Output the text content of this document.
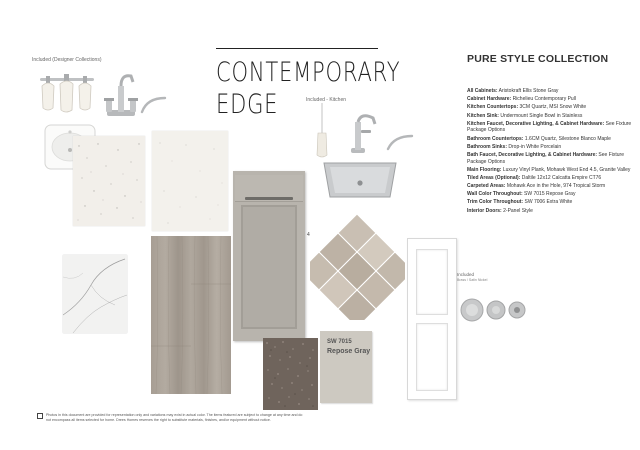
Included (Designer Collections)
Included - Kitchen
CONTEMPORARY
EDGE
SW 7015
Repose Gray
4
Included
Brass / Satin Nickel
PURE STYLE COLLECTION
All Cabinets: Aristokraft Ellis Stone Gray
Cabinet Hardware: Richelieu Contemporary Pull
Kitchen Countertops: 3CM Quartz, MSI Snow White
Kitchen Sink: Undermount Single Bowl in Stainless
Kitchen Faucet, Decorative Lighting, & Cabinet Hardware: See Fixture Package Options
Bathroom Countertops: 1.6CM Quartz, Silestone Blanco Maple
Bathroom Sinks: Drop-in White Porcelain
Bath Faucet, Decorative Lighting, & Cabinet Hardware: See Fixture Package Options
Main Flooring: Luxury Vinyl Plank, Mohawk West End 4.5, Granite Valley
Tiled Areas (Optional): Daltile 12x12 Calcatta Empire CT76
Carpeted Areas: Mohawk Ace in the Hole, 974 Tropical Storm
Wall Color Throughout: SW 7015 Repose Gray
Trim Color Throughout: SW 7006 Extra White
Interior Doors: 2-Panel Style
Photos in this document are provided for representation only and variations may exist in actual color. The items featured are subject to change at any time and do not encompass all items selected for home. Drees Homes reserves the right to substitute materials, finishes, and/or equipment without notice.
